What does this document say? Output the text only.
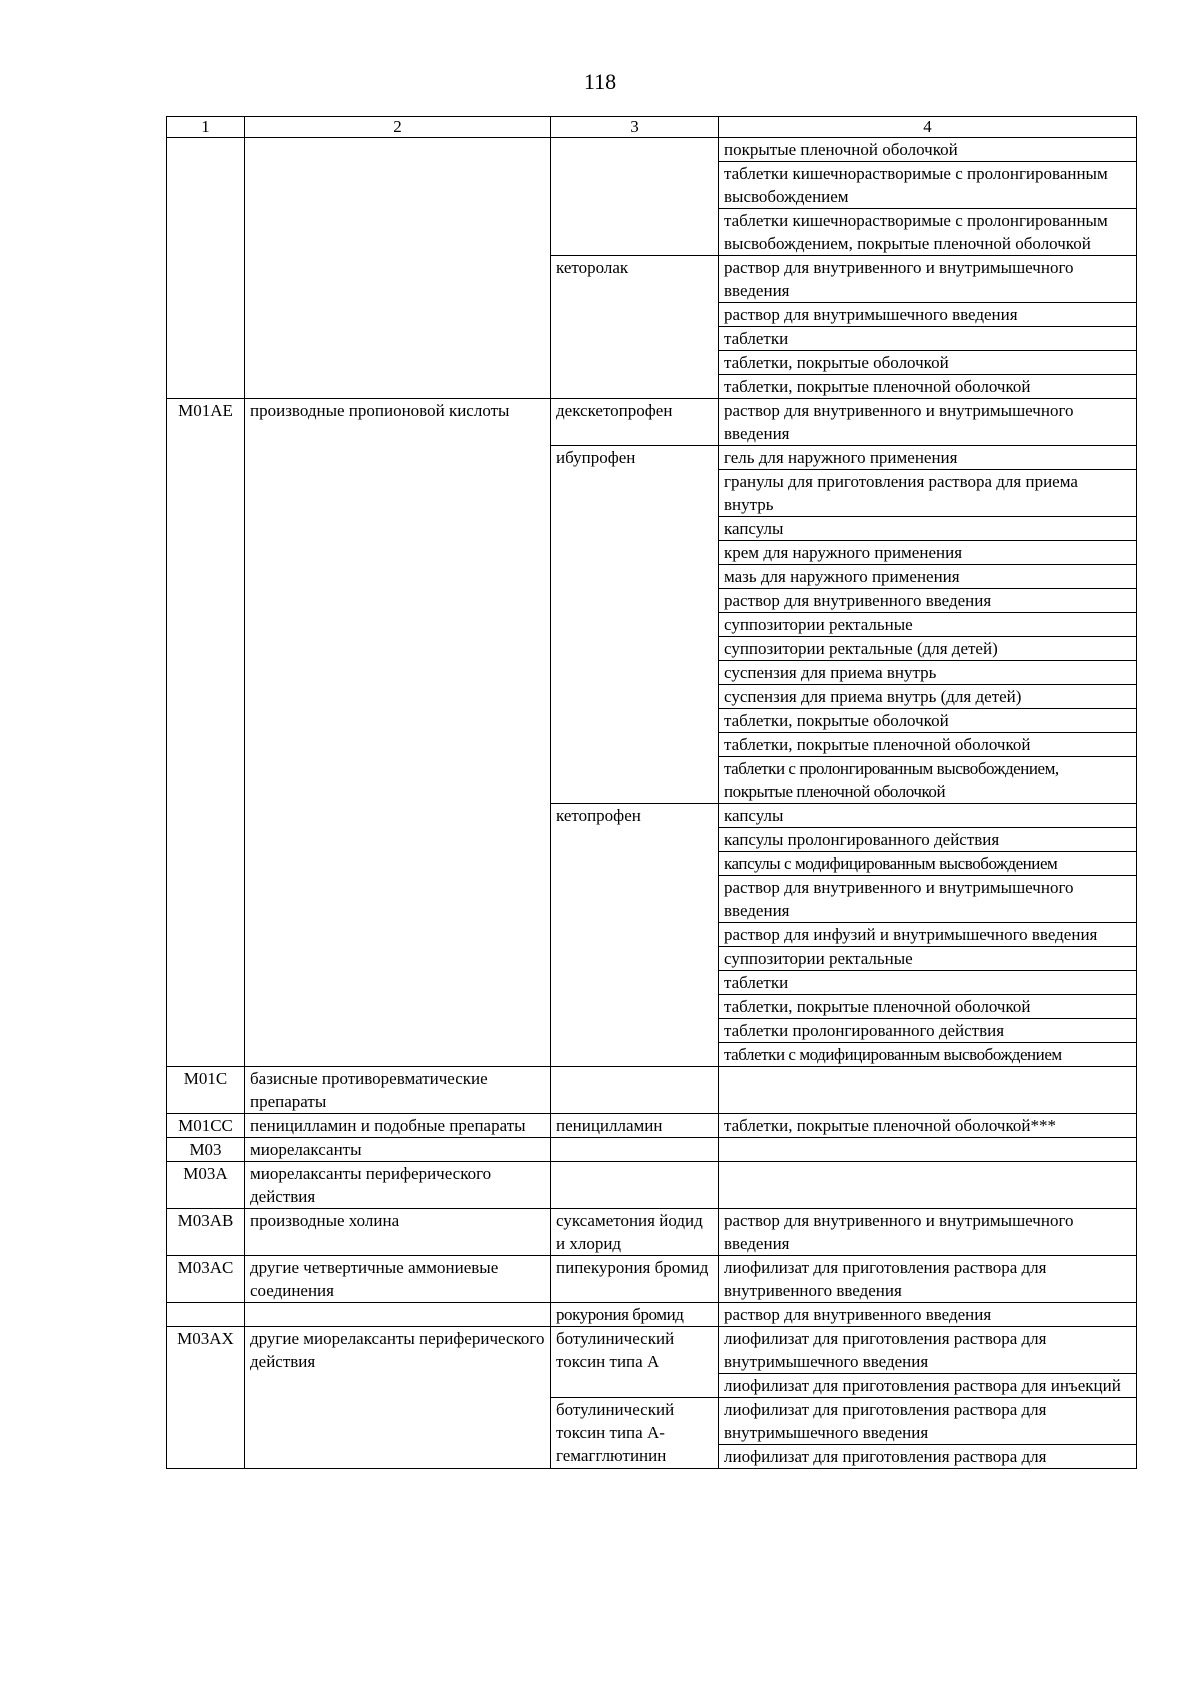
118
1	2	3	4
			покрытые пленочной оболочкой
			таблетки кишечнорастворимые с пролонгированным высвобождением
			таблетки кишечнорастворимые с пролонгированным высвобождением, покрытые пленочной оболочкой
		кеторолак	раствор для внутривенного и внутримышечного введения
			раствор для внутримышечного введения
			таблетки
			таблетки, покрытые оболочкой
			таблетки, покрытые пленочной оболочкой
M01AE	производные пропионовой кислоты	декскетопрофен	раствор для внутривенного и внутримышечного введения
		ибупрофен	гель для наружного применения
			гранулы для приготовления раствора для приема внутрь
			капсулы
			крем для наружного применения
			мазь для наружного применения
			раствор для внутривенного введения
			суппозитории ректальные
			суппозитории ректальные (для детей)
			суспензия для приема внутрь
			суспензия для приема внутрь (для детей)
			таблетки, покрытые оболочкой
			таблетки, покрытые пленочной оболочкой
			таблетки с пролонгированным высвобождением, покрытые пленочной оболочкой
		кетопрофен	капсулы
			капсулы пролонгированного действия
			капсулы с модифицированным высвобождением
			раствор для внутривенного и внутримышечного введения
			раствор для инфузий и внутримышечного введения
			суппозитории ректальные
			таблетки
			таблетки, покрытые пленочной оболочкой
			таблетки пролонгированного действия
			таблетки с модифицированным высвобождением
M01C	базисные противоревматические препараты		
M01CC	пеницилламин и подобные препараты	пеницилламин	таблетки, покрытые пленочной оболочкой***
M03	миорелаксанты		
M03A	миорелаксанты периферического действия		
M03AB	производные холина	суксаметония йодид и хлорид	раствор для внутривенного и внутримышечного введения
M03AC	другие четвертичные аммониевые соединения	пипекурония бромид	лиофилизат для приготовления раствора для внутривенного введения
		рокурония бромид	раствор для внутривенного введения
M03AX	другие миорелаксанты периферического действия	ботулинический токсин типа А	лиофилизат для приготовления раствора для внутримышечного введения
			лиофилизат для приготовления раствора для инъекций
		ботулинический токсин типа А-гемагглютинин	лиофилизат для приготовления раствора для внутримышечного введения
			лиофилизат для приготовления раствора для
